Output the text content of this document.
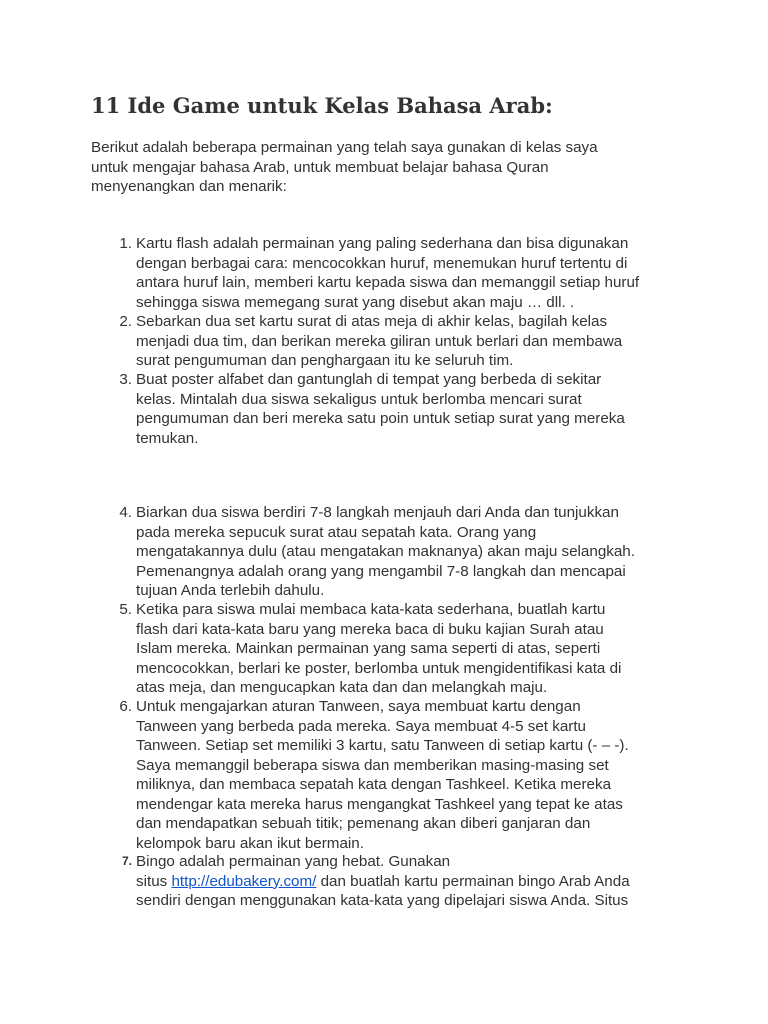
11 Ide Game untuk Kelas Bahasa Arab:

Berikut adalah beberapa permainan yang telah saya gunakan di kelas saya
untuk mengajar bahasa Arab, untuk membuat belajar bahasa Quran
menyenangkan dan menarik:

1. Kartu flash adalah permainan yang paling sederhana dan bisa digunakan
dengan berbagai cara: mencocokkan huruf, menemukan huruf tertentu di
antara huruf lain, memberi kartu kepada siswa dan memanggil setiap huruf
sehingga siswa memegang surat yang disebut akan maju … dll. .
2. Sebarkan dua set kartu surat di atas meja di akhir kelas, bagilah kelas
menjadi dua tim, dan berikan mereka giliran untuk berlari dan membawa
surat pengumuman dan penghargaan itu ke seluruh tim.
3. Buat poster alfabet dan gantunglah di tempat yang berbeda di sekitar
kelas. Mintalah dua siswa sekaligus untuk berlomba mencari surat
pengumuman dan beri mereka satu poin untuk setiap surat yang mereka
temukan.
4. Biarkan dua siswa berdiri 7-8 langkah menjauh dari Anda dan tunjukkan
pada mereka sepucuk surat atau sepatah kata. Orang yang
mengatakannya dulu (atau mengatakan maknanya) akan maju selangkah.
Pemenangnya adalah orang yang mengambil 7-8 langkah dan mencapai
tujuan Anda terlebih dahulu.
5. Ketika para siswa mulai membaca kata-kata sederhana, buatlah kartu
flash dari kata-kata baru yang mereka baca di buku kajian Surah atau
Islam mereka. Mainkan permainan yang sama seperti di atas, seperti
mencocokkan, berlari ke poster, berlomba untuk mengidentifikasi kata di
atas meja, dan mengucapkan kata dan dan melangkah maju.
6. Untuk mengajarkan aturan Tanween, saya membuat kartu dengan
Tanween yang berbeda pada mereka. Saya membuat 4-5 set kartu
Tanween. Setiap set memiliki 3 kartu, satu Tanween di setiap kartu (- – -).
Saya memanggil beberapa siswa dan memberikan masing-masing set
miliknya, dan membaca sepatah kata dengan Tashkeel. Ketika mereka
mendengar kata mereka harus mengangkat Tashkeel yang tepat ke atas
dan mendapatkan sebuah titik; pemenang akan diberi ganjaran dan
kelompok baru akan ikut bermain.
7. Bingo adalah permainan yang hebat. Gunakan
situs http://edubakery.com/ dan buatlah kartu permainan bingo Arab Anda
sendiri dengan menggunakan kata-kata yang dipelajari siswa Anda. Situs
